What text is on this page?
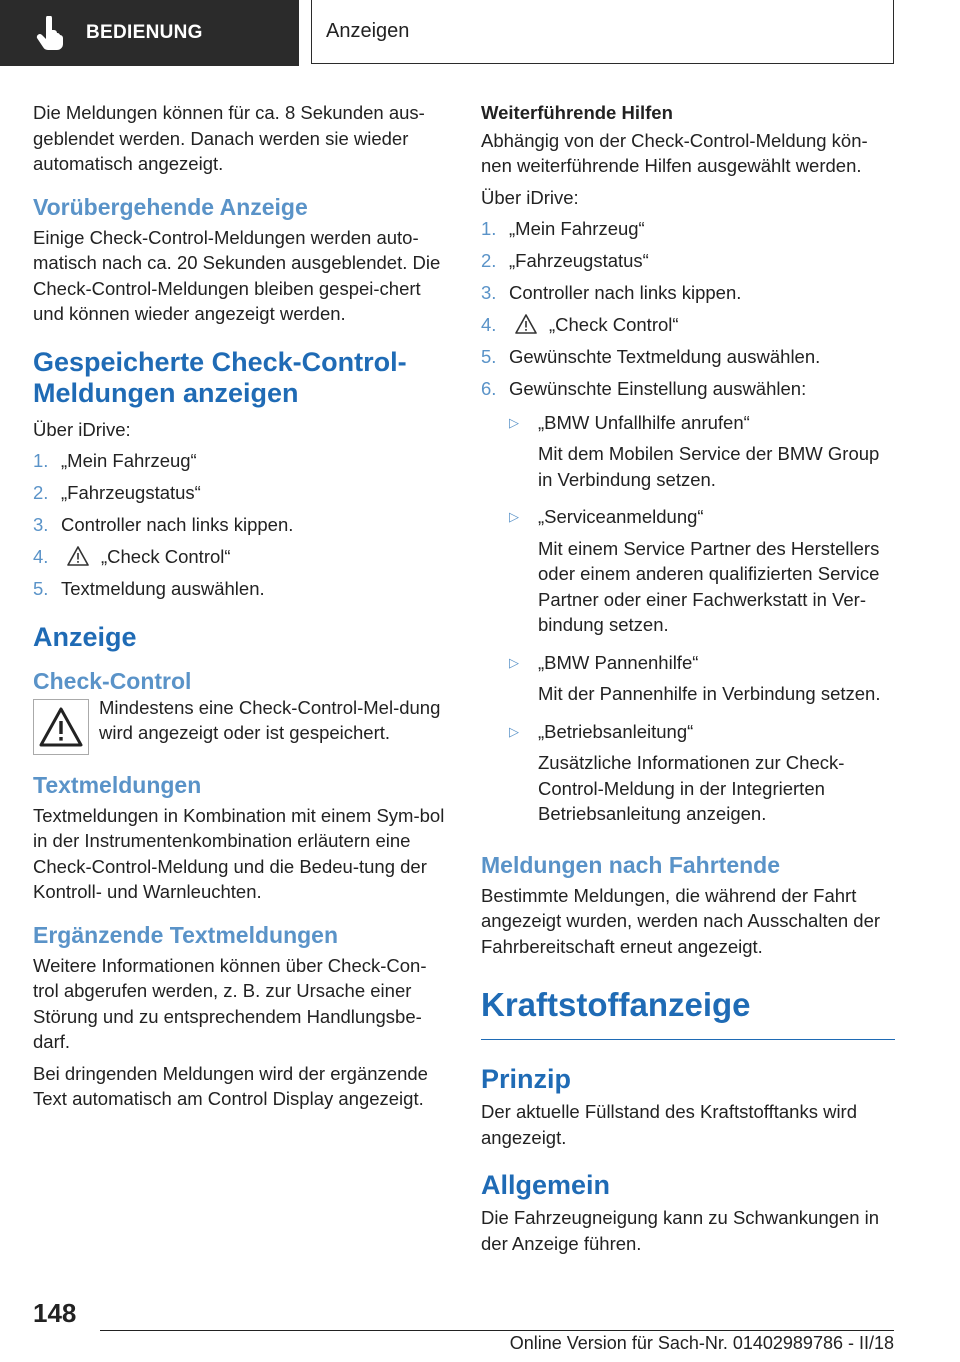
BEDIENUNG	Anzeigen

Die Meldungen können für ca. 8 Sekunden aus-geblendet werden. Danach werden sie wieder automatisch angezeigt.

Vorübergehende Anzeige

Einige Check-Control-Meldungen werden auto-matisch nach ca. 20 Sekunden ausgeblendet. Die Check-Control-Meldungen bleiben gespei-chert und können wieder angezeigt werden.

Gespeicherte Check-Control-Meldungen anzeigen

Über iDrive:

1. „Mein Fahrzeug“
2. „Fahrzeugstatus“
3. Controller nach links kippen.
4.	„Check Control“
5. Textmeldung auswählen.
Anzeige
Check-Control

Mindestens eine Check-Control-Mel-dung wird angezeigt oder ist gespeichert.

Textmeldungen

Textmeldungen in Kombination mit einem Sym-bol in der Instrumentenkombination erläutern eine Check-Control-Meldung und die Bedeu-tung der Kontroll- und Warnleuchten.

Ergänzende Textmeldungen

Weitere Informationen können über Check-Con-trol abgerufen werden, z. B. zur Ursache einer Störung und zu entsprechendem Handlungsbe-darf.

Bei dringenden Meldungen wird der ergänzende Text automatisch am Control Display angezeigt.

Weiterführende Hilfen

Abhängig von der Check-Control-Meldung kön-nen weiterführende Hilfen ausgewählt werden.

Über iDrive:

1. „Mein Fahrzeug“
2. „Fahrzeugstatus“
3. Controller nach links kippen.
4.	„Check Control“
5. Gewünschte Textmeldung auswählen.
6. Gewünschte Einstellung auswählen:
▷	„BMW Unfallhilfe anrufen“

Mit dem Mobilen Service der BMW Group in Verbindung setzen.

▷	„Serviceanmeldung“

Mit einem Service Partner des Herstellers oder einem anderen qualifizierten Service Partner oder einer Fachwerkstatt in Ver-bindung setzen.

▷	„BMW Pannenhilfe“

Mit der Pannenhilfe in Verbindung setzen.

▷	„Betriebsanleitung“

Zusätzliche Informationen zur Check-Control-Meldung in der Integrierten Betriebsanleitung anzeigen.

Meldungen nach Fahrtende

Bestimmte Meldungen, die während der Fahrt angezeigt wurden, werden nach Ausschalten der Fahrbereitschaft erneut angezeigt.

Kraftstoffanzeige
Prinzip

Der aktuelle Füllstand des Kraftstofftanks wird angezeigt.

Allgemein

Die Fahrzeugneigung kann zu Schwankungen in der Anzeige führen.

148
Online Version für Sach-Nr. 01402989786 - II/18
